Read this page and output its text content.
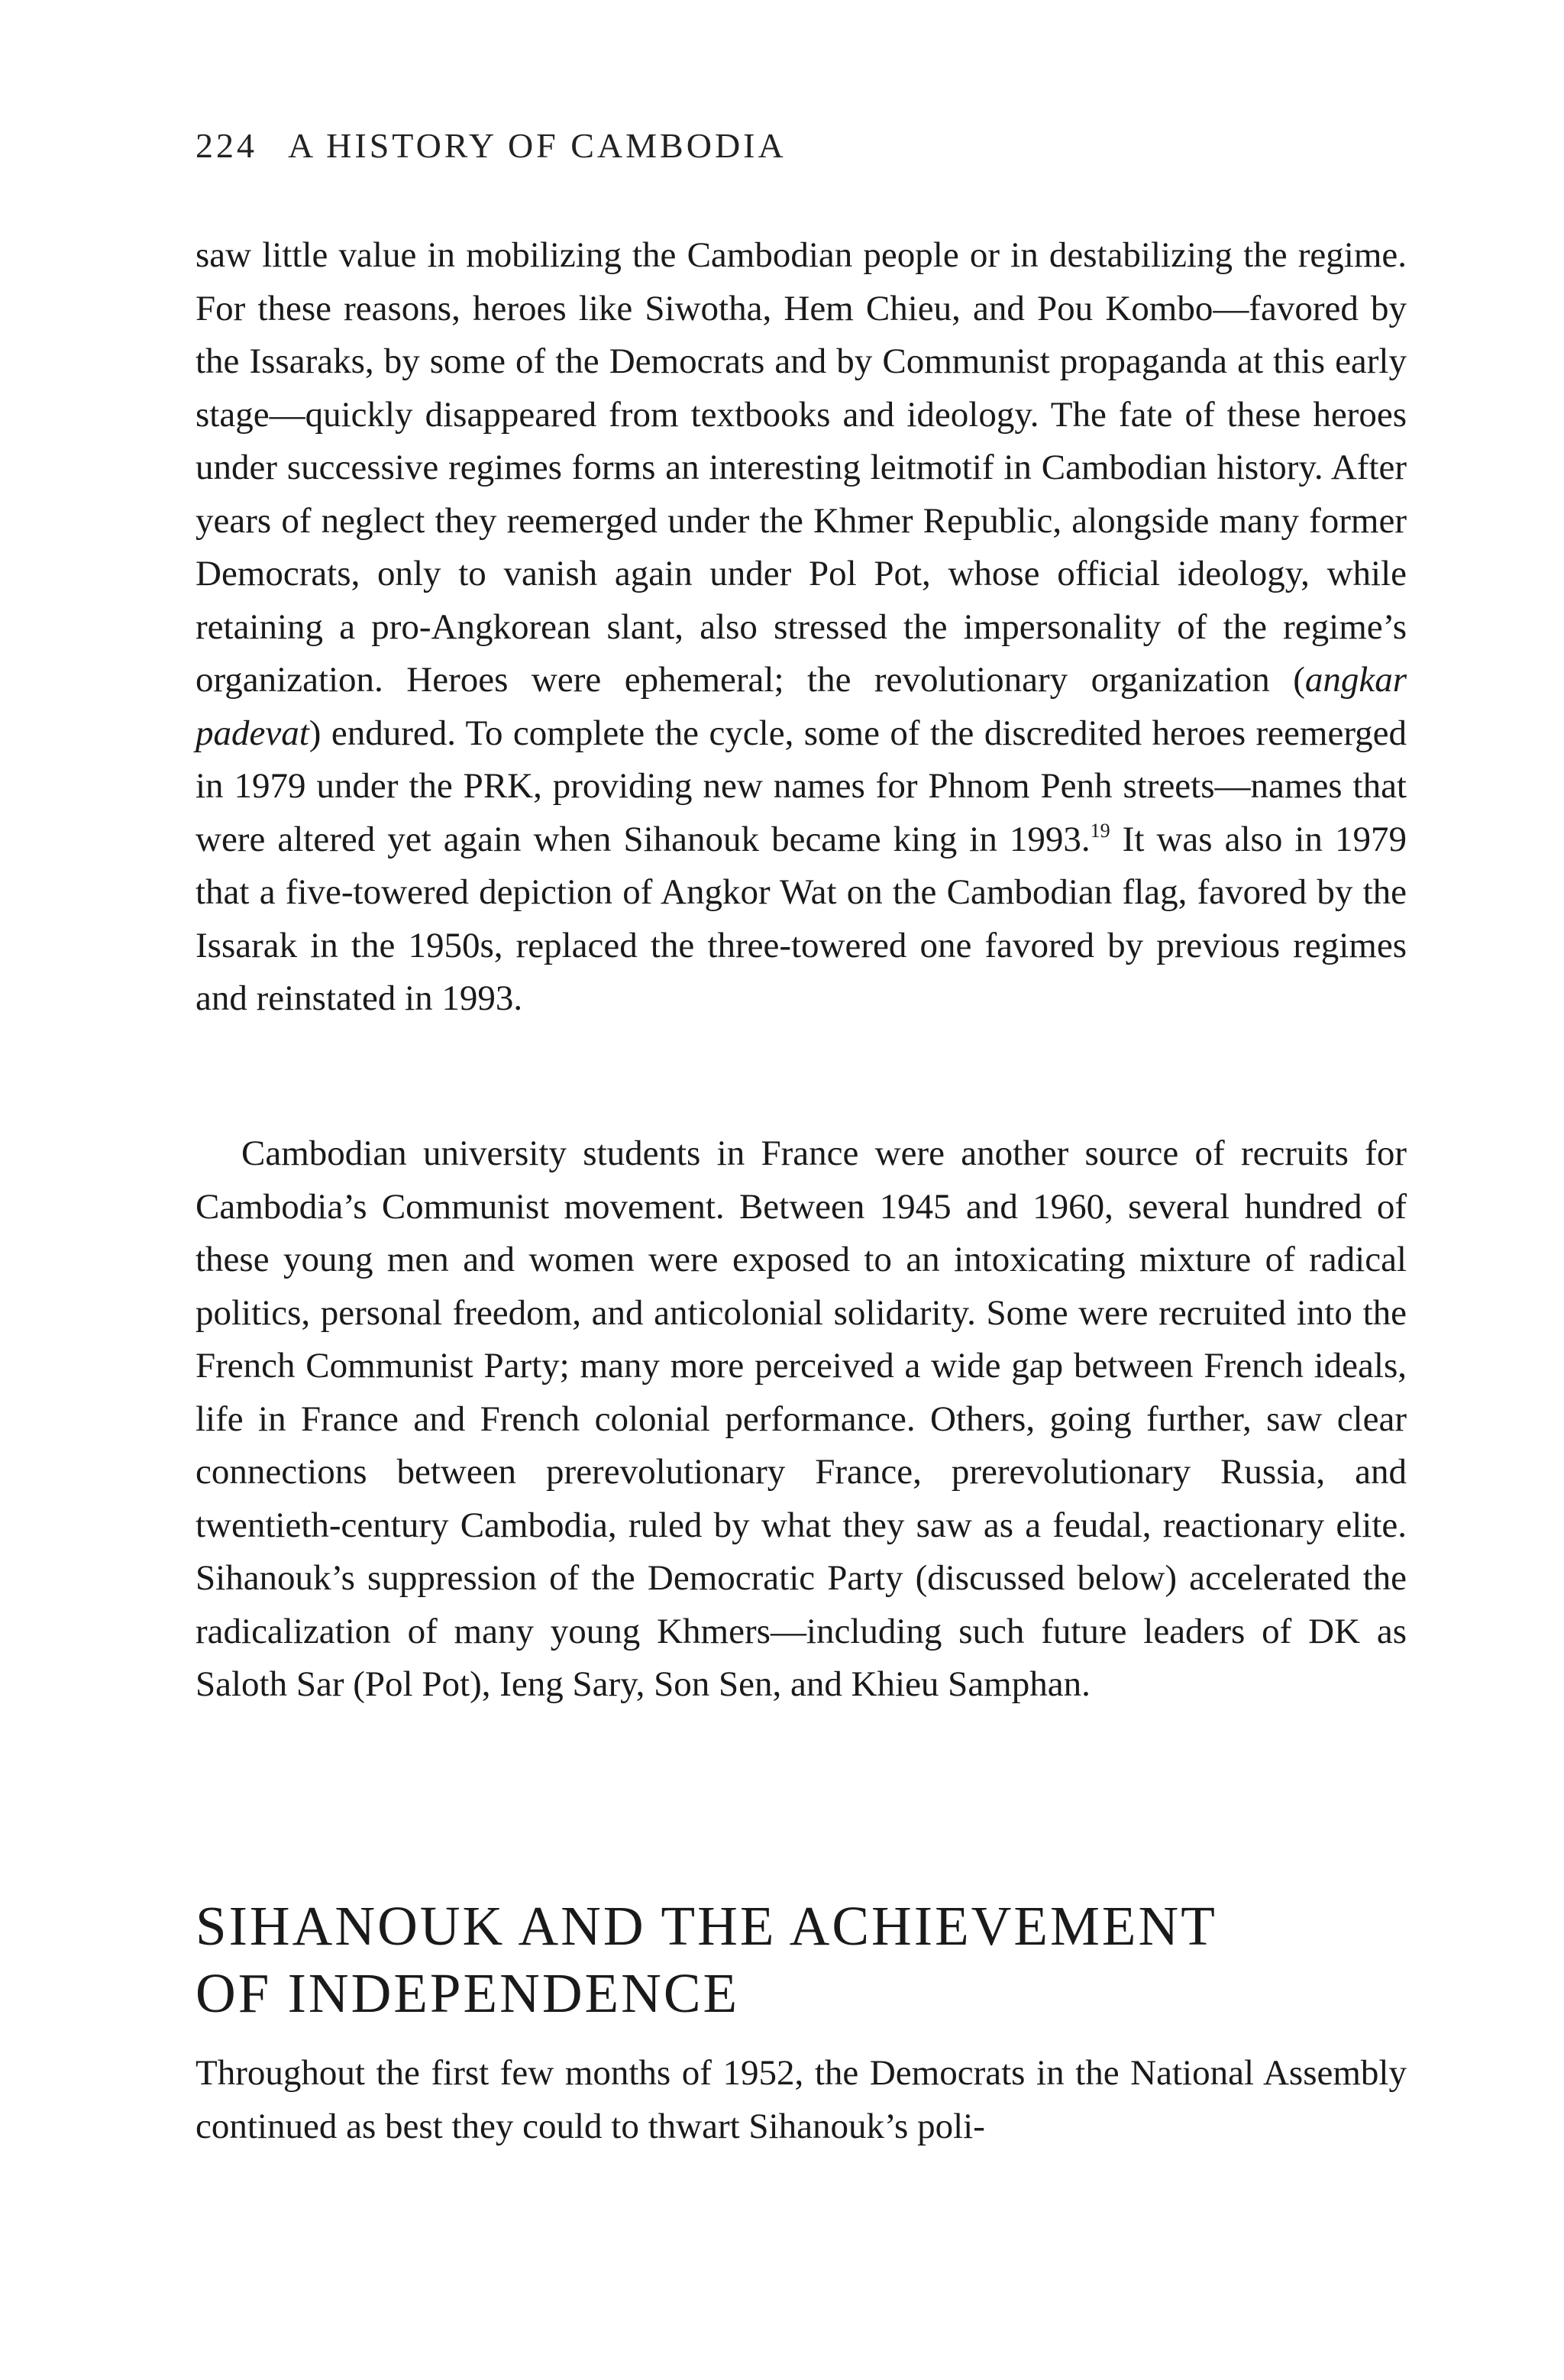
224 A HISTORY OF CAMBODIA

saw little value in mobilizing the Cambodian people or in destabilizing the regime. For these reasons, heroes like Siwotha, Hem Chieu, and Pou Kombo—favored by the Issaraks, by some of the Democrats and by Communist propaganda at this early stage—quickly disappeared from textbooks and ideology. The fate of these heroes under successive regimes forms an interesting leitmotif in Cambodian history. After years of neglect they reemerged under the Khmer Republic, alongside many former Democrats, only to vanish again under Pol Pot, whose official ideology, while retaining a pro-Angkorean slant, also stressed the impersonality of the regime’s organization. Heroes were ephemeral; the revolutionary organization (angkar padevat) endured. To complete the cycle, some of the discredited heroes reemerged in 1979 under the PRK, providing new names for Phnom Penh streets—names that were altered yet again when Sihanouk became king in 1993.19 It was also in 1979 that a five-towered depiction of Angkor Wat on the Cambodian flag, favored by the Issarak in the 1950s, replaced the three-towered one favored by previous regimes and reinstated in 1993.

Cambodian university students in France were another source of recruits for Cambodia’s Communist movement. Between 1945 and 1960, several hundred of these young men and women were exposed to an intoxicating mixture of radical politics, personal freedom, and anticolonial solidarity. Some were recruited into the French Communist Party; many more perceived a wide gap between French ideals, life in France and French colonial performance. Others, going further, saw clear connections between prerevolutionary France, prerevolutionary Russia, and twentieth-century Cambodia, ruled by what they saw as a feudal, reactionary elite. Sihanouk’s suppression of the Democratic Party (discussed below) accelerated the radicalization of many young Khmers—including such future leaders of DK as Saloth Sar (Pol Pot), Ieng Sary, Son Sen, and Khieu Samphan.

SIHANOUK AND THE ACHIEVEMENT
OF INDEPENDENCE

Throughout the first few months of 1952, the Democrats in the National Assembly continued as best they could to thwart Sihanouk’s poli-
